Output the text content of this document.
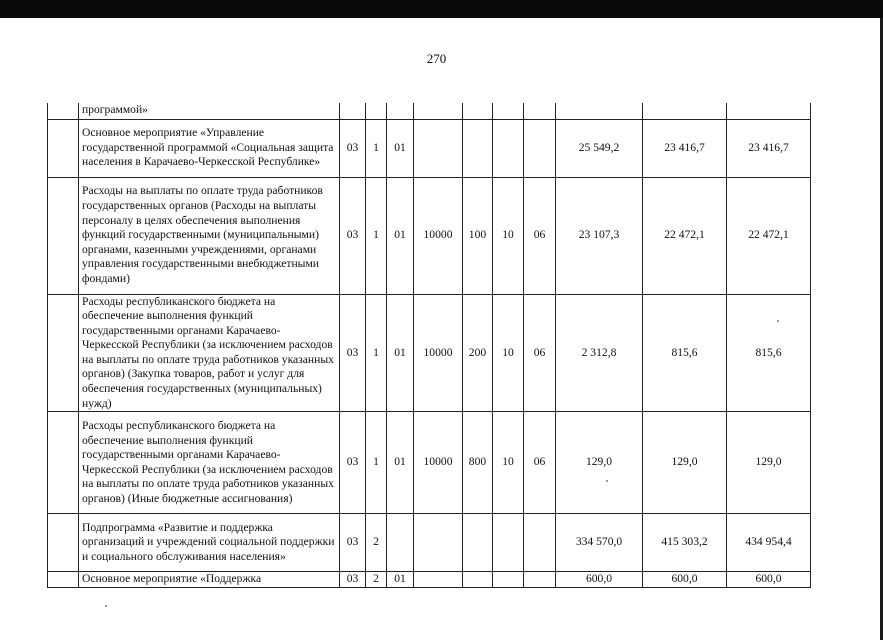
270
	программой»										
	Основное мероприятие «Управление государственной программой «Социальная защита населения в Карачаево-Черкесской Республике»	03	1	01					25 549,2	23 416,7	23 416,7
	Расходы на выплаты по оплате труда работников государственных органов (Расходы на выплаты персоналу в целях обеспечения выполнения функций государственными (муниципальными) органами, казенными учреждениями, органами управления государственными внебюджетными фондами)	03	1	01	10000	100	10	06	23 107,3	22 472,1	22 472,1
	Расходы республиканского бюджета на обеспечение выполнения функций государственными органами Карачаево-Черкесской Республики (за исключением расходов на выплаты по оплате труда работников указанных органов) (Закупка товаров, работ и услуг для обеспечения государственных (муниципальных) нужд)	03	1	01	10000	200	10	06	2 312,8	815,6	815,6
	Расходы республиканского бюджета на обеспечение выполнения функций государственными органами Карачаево-Черкесской Республики (за исключением расходов на выплаты по оплате труда работников указанных органов) (Иные бюджетные ассигнования)	03	1	01	10000	800	10	06	129,0	129,0	129,0
	Подпрограмма «Развитие и поддержка организаций и учреждений социальной поддержки и социального обслуживания населения»	03	2						334 570,0	415 303,2	434 954,4
	Основное мероприятие «Поддержка	03	2	01					600,0	600,0	600,0
